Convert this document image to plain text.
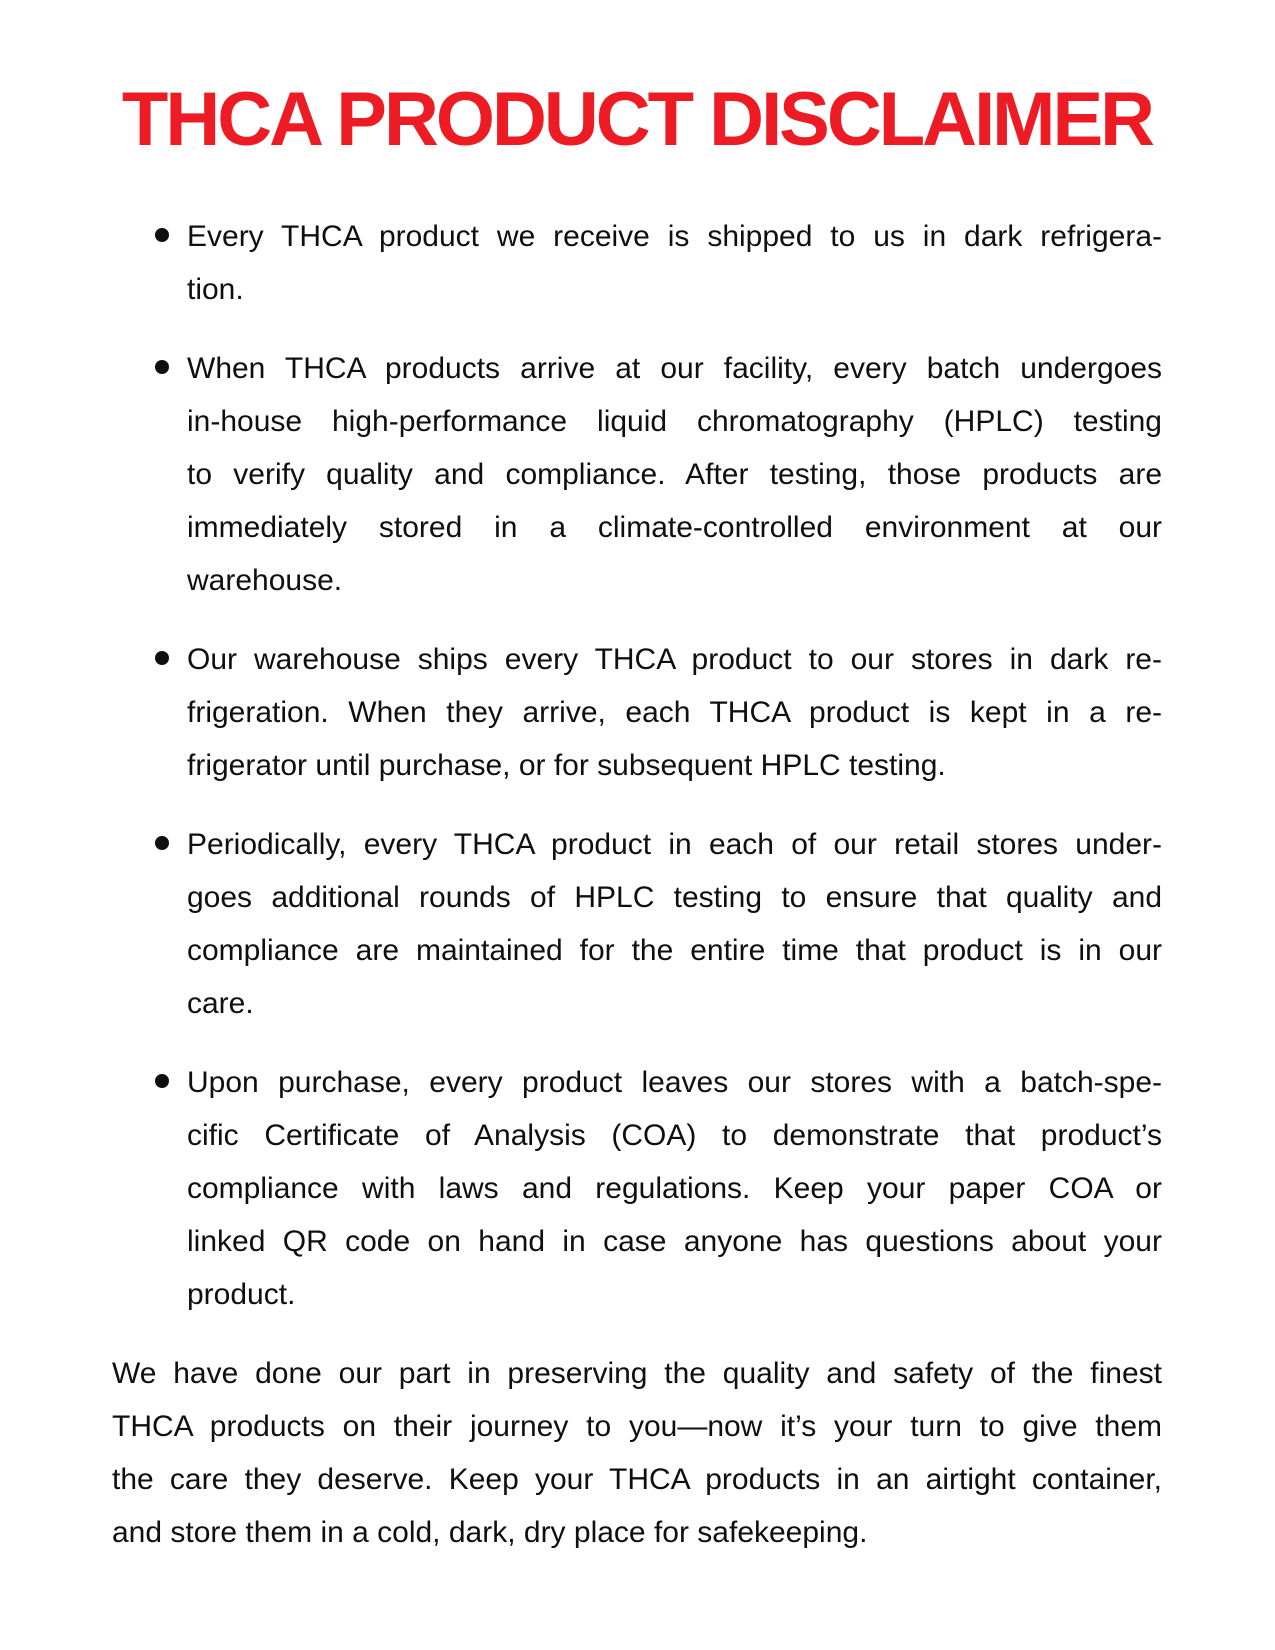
THCA PRODUCT DISCLAIMER
Every THCA product we receive is shipped to us in dark refrigera-
tion.
When THCA products arrive at our facility, every batch undergoes
in-house high-performance liquid chromatography (HPLC) testing
to verify quality and compliance. After testing, those products are
immediately stored in a climate-controlled environment at our
warehouse.
Our warehouse ships every THCA product to our stores in dark re-
frigeration. When they arrive, each THCA product is kept in a re-
frigerator until purchase, or for subsequent HPLC testing.
Periodically, every THCA product in each of our retail stores under-
goes additional rounds of HPLC testing to ensure that quality and
compliance are maintained for the entire time that product is in our
care.
Upon purchase, every product leaves our stores with a batch-spe-
cific Certificate of Analysis (COA) to demonstrate that product’s
compliance with laws and regulations. Keep your paper COA or
linked QR code on hand in case anyone has questions about your
product.

We have done our part in preserving the quality and safety of the finest
THCA products on their journey to you—now it’s your turn to give them
the care they deserve. Keep your THCA products in an airtight container,
and store them in a cold, dark, dry place for safekeeping.
